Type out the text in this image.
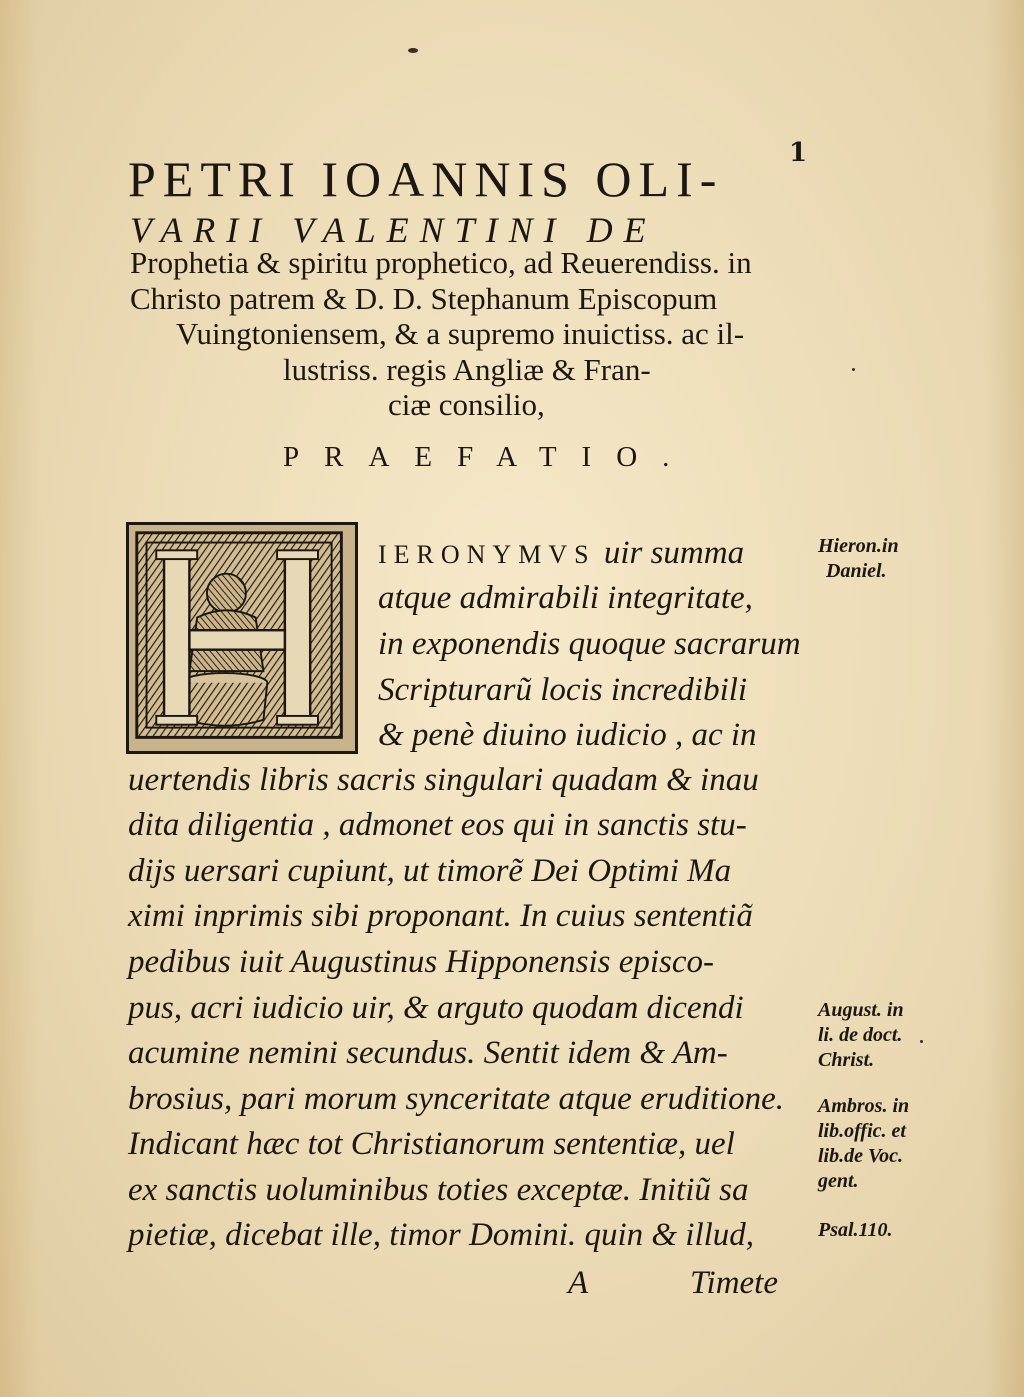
1

PETRI IOANNIS OLI-

VARII VALENTINI DE

Prophetia & spiritu prophetico, ad Reuerendiss. in

Christo patrem & D. D. Stephanum Episcopum

Vuingtoniensem, & a supremo inuictiss. ac il-

lustriss. regis Angliæ & Fran-

ciæ consilio,

PRAEFATIO.

IERONYMVS uir summa

atque admirabili integritate,

in exponendis quoque sacrarum

Scripturarũ locis incredibili

& penè diuino iudicio , ac in

uertendis libris sacris singulari quadam & inau

dita diligentia , admonet eos qui in sanctis stu-

dijs uersari cupiunt, ut timorẽ Dei Optimi Ma

ximi inprimis sibi proponant. In cuius sententiã

pedibus iuit Augustinus Hipponensis episco-

pus, acri iudicio uir, & arguto quodam dicendi

acumine nemini secundus. Sentit idem & Am-

brosius, pari morum synceritate atque eruditione.

Indicant hæc tot Christianorum sententiæ, uel

ex sanctis uoluminibus toties exceptæ. Initiũ sa

pietiæ, dicebat ille, timor Domini. quin & illud,

A	Timete

Hieron.in
Daniel.
August. in
li. de doct.
Christ.
Ambros. in
lib.offic. et
lib.de Voc.
gent.
Psal.110.
